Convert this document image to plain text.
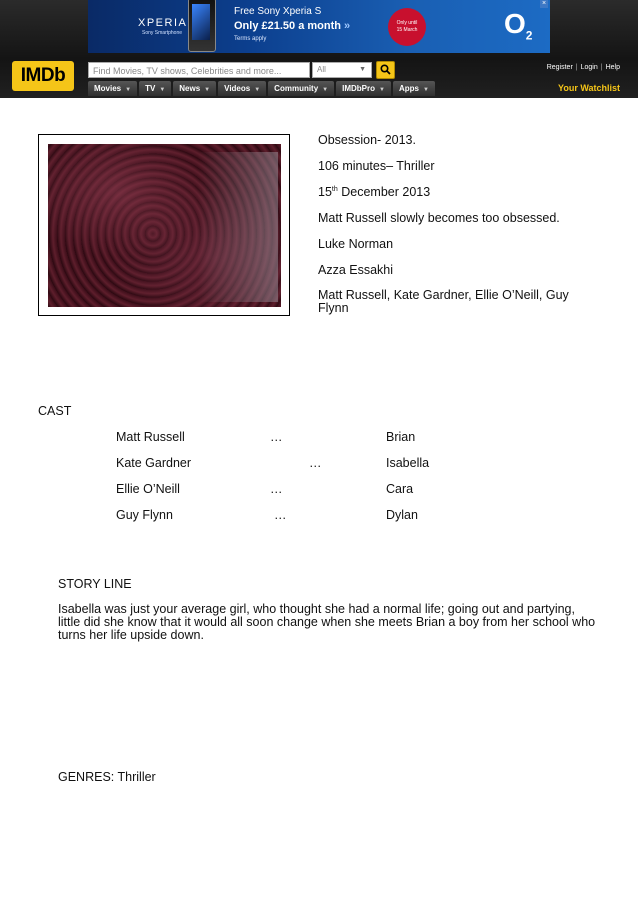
XPERIA
Sony Smartphone
Free Sony Xperia S
Only £21.50 a month »
Terms apply
Only until
15 March	$O_2$
×
IMDb	Find Movies, TV shows, Celebrities and more...	All	▼	Register | Login | Help
Movies ▼	TV ▼	News ▼	Videos ▼	Community ▼	IMDbPro ▼	Apps ▼	Your Watchlist
Obsession- 2013.
106 minutes– Thriller
15th December 2013
Matt Russell slowly becomes too obsessed.
Luke Norman
Azza Essakhi
Matt Russell, Kate Gardner, Ellie O’Neill, Guy Flynn
CAST
Matt Russell	…	Brian
Kate Gardner	…	Isabella
Ellie O’Neill	…	Cara
Guy Flynn	…	Dylan
STORY LINE
Isabella was just your average girl, who thought she had a normal life; going out and partying, little did she know that it would all soon change when she meets Brian a boy from her school who turns her life upside down.
GENRES: Thriller
